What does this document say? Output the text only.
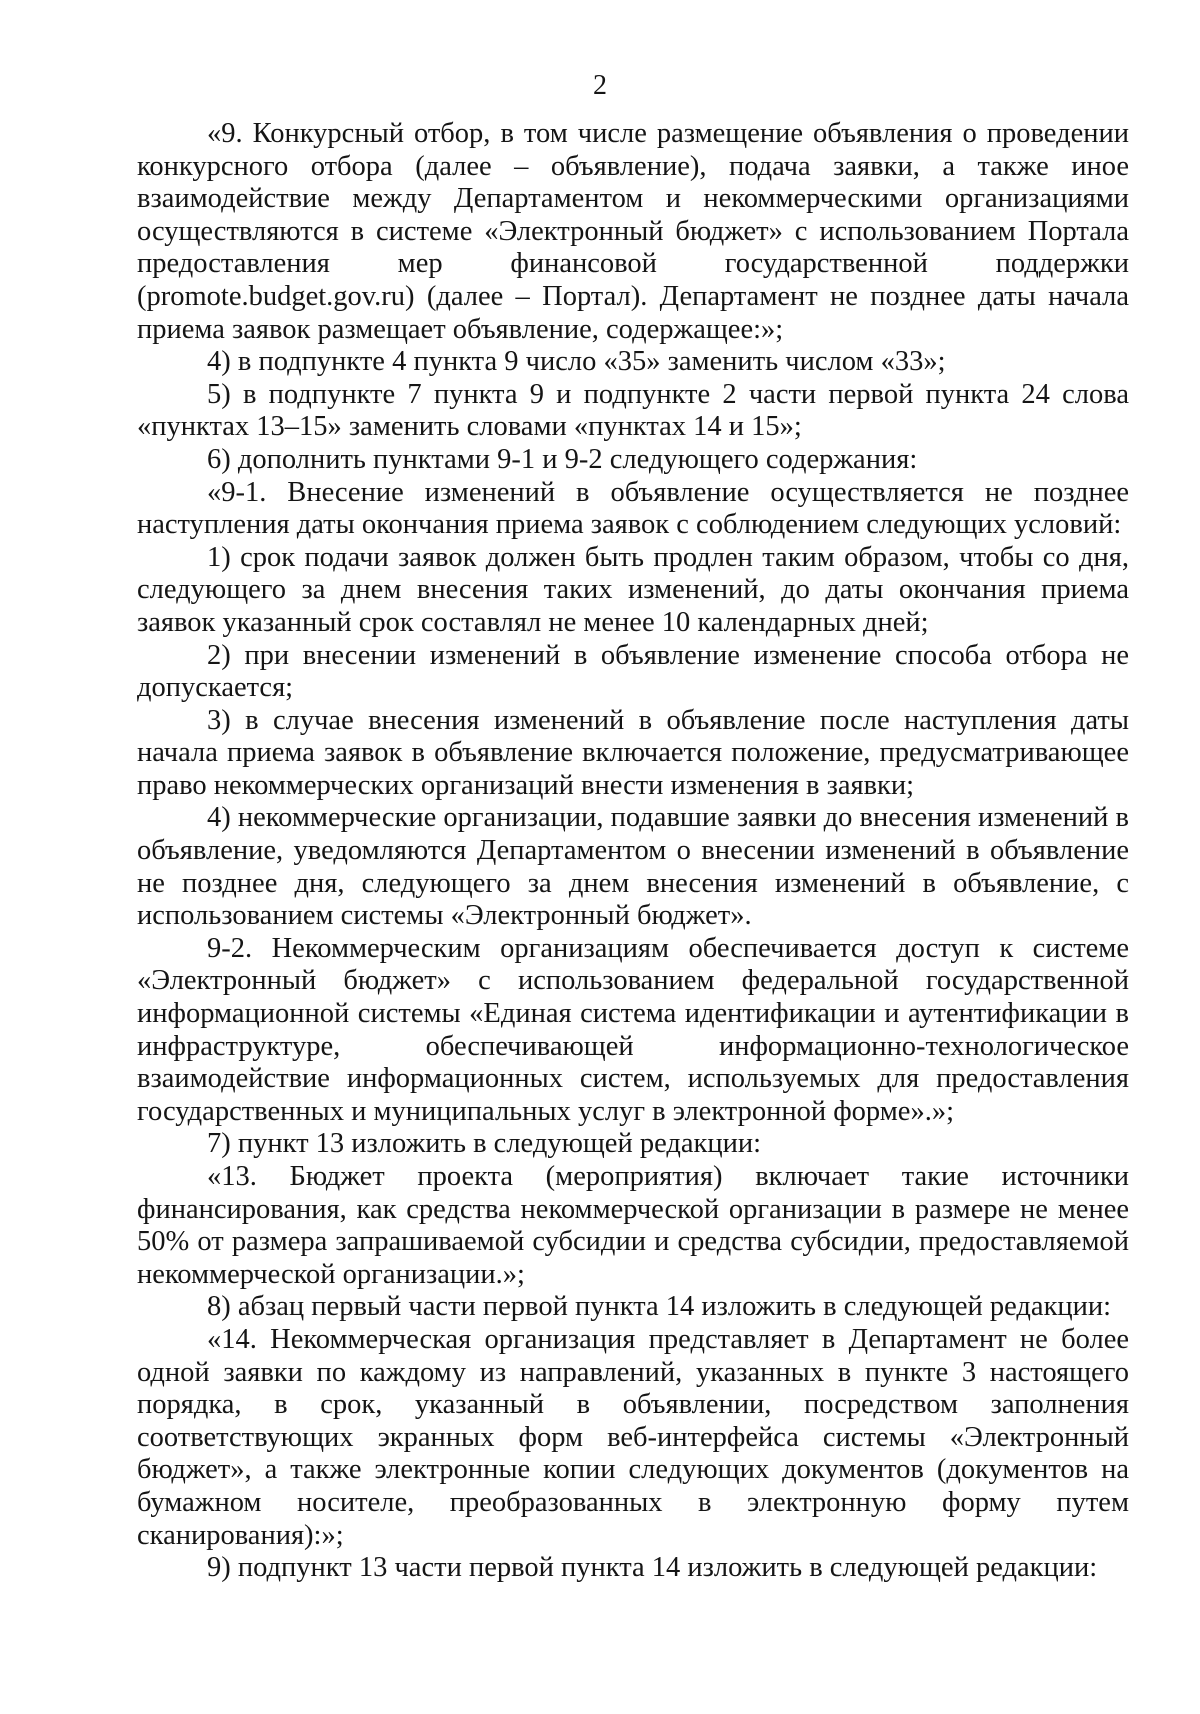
2

«9. Конкурсный отбор, в том числе размещение объявления о проведении конкурсного отбора (далее – объявление), подача заявки, а также иное взаимодействие между Департаментом и некоммерческими организациями осуществляются в системе «Электронный бюджет» с использованием Портала предоставления мер финансовой государственной поддержки (promote.budget.gov.ru) (далее – Портал). Департамент не позднее даты начала приема заявок размещает объявление, содержащее:»;

4) в подпункте 4 пункта 9 число «35» заменить числом «33»;

5) в подпункте 7 пункта 9 и подпункте 2 части первой пункта 24 слова «пунктах 13–15» заменить словами «пунктах 14 и 15»;

6) дополнить пунктами 9-1 и 9-2 следующего содержания:

«9-1. Внесение изменений в объявление осуществляется не позднее наступления даты окончания приема заявок с соблюдением следующих условий:

1) срок подачи заявок должен быть продлен таким образом, чтобы со дня, следующего за днем внесения таких изменений, до даты окончания приема заявок указанный срок составлял не менее 10 календарных дней;

2) при внесении изменений в объявление изменение способа отбора не допускается;

3) в случае внесения изменений в объявление после наступления даты начала приема заявок в объявление включается положение, предусматривающее право некоммерческих организаций внести изменения в заявки;

4) некоммерческие организации, подавшие заявки до внесения изменений в объявление, уведомляются Департаментом о внесении изменений в объявление не позднее дня, следующего за днем внесения изменений в объявление, с использованием системы «Электронный бюджет».

9-2. Некоммерческим организациям обеспечивается доступ к системе «Электронный бюджет» с использованием федеральной государственной информационной системы «Единая система идентификации и аутентификации в инфраструктуре, обеспечивающей информационно-технологическое взаимодействие информационных систем, используемых для предоставления государственных и муниципальных услуг в электронной форме».»;

7) пункт 13 изложить в следующей редакции:

«13. Бюджет проекта (мероприятия) включает такие источники финансирования, как средства некоммерческой организации в размере не менее 50% от размера запрашиваемой субсидии и средства субсидии, предоставляемой некоммерческой организации.»;

8) абзац первый части первой пункта 14 изложить в следующей редакции:

«14. Некоммерческая организация представляет в Департамент не более одной заявки по каждому из направлений, указанных в пункте 3 настоящего порядка, в срок, указанный в объявлении, посредством заполнения соответствующих экранных форм веб-интерфейса системы «Электронный бюджет», а также электронные копии следующих документов (документов на бумажном носителе, преобразованных в электронную форму путем сканирования):»;

9) подпункт 13 части первой пункта 14 изложить в следующей редакции:
